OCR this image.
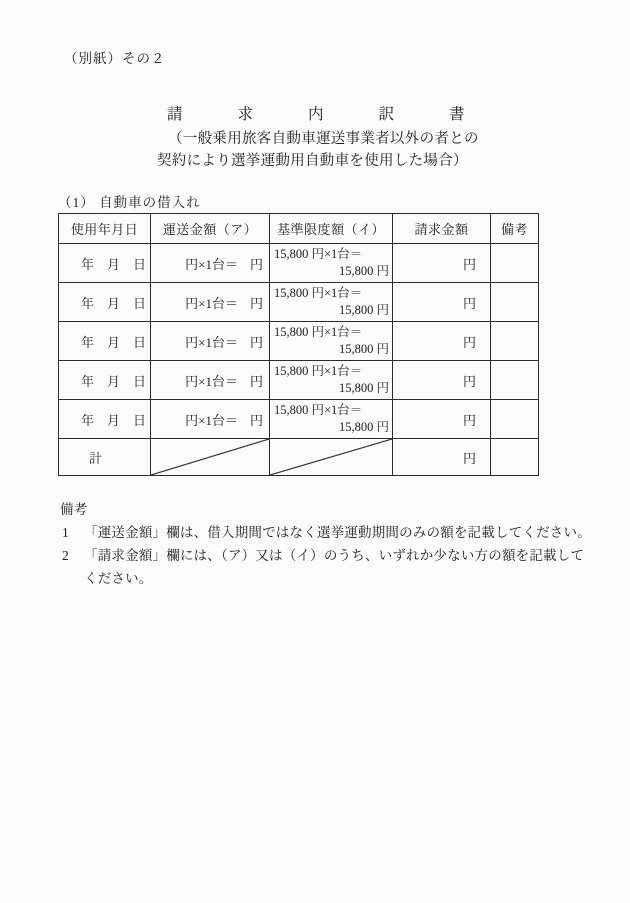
（別紙）その２
請求内訳書
（一般乗用旅客自動車運送事業者以外の者との
契約により選挙運動用自動車を使用した場合）
（1） 自動車の借入れ
使用年月日	運送金額（ア）	基準限度額（イ）	請求金額	備考
年　月　日	円×1台＝ 円	15,800 円×1台＝
15,800 円	円	
年　月　日	円×1台＝ 円	15,800 円×1台＝
15,800 円	円	
年　月　日	円×1台＝ 円	15,800 円×1台＝
15,800 円	円	
年　月　日	円×1台＝ 円	15,800 円×1台＝
15,800 円	円	
年　月　日	円×1台＝ 円	15,800 円×1台＝
15,800 円	円	
計			円	
備考
1	「運送金額」欄は、借入期間ではなく選挙運動期間のみの額を記載してください。
2	「請求金額」欄には、（ア）又は（イ）のうち、いずれか少ない方の額を記載して
ください。
